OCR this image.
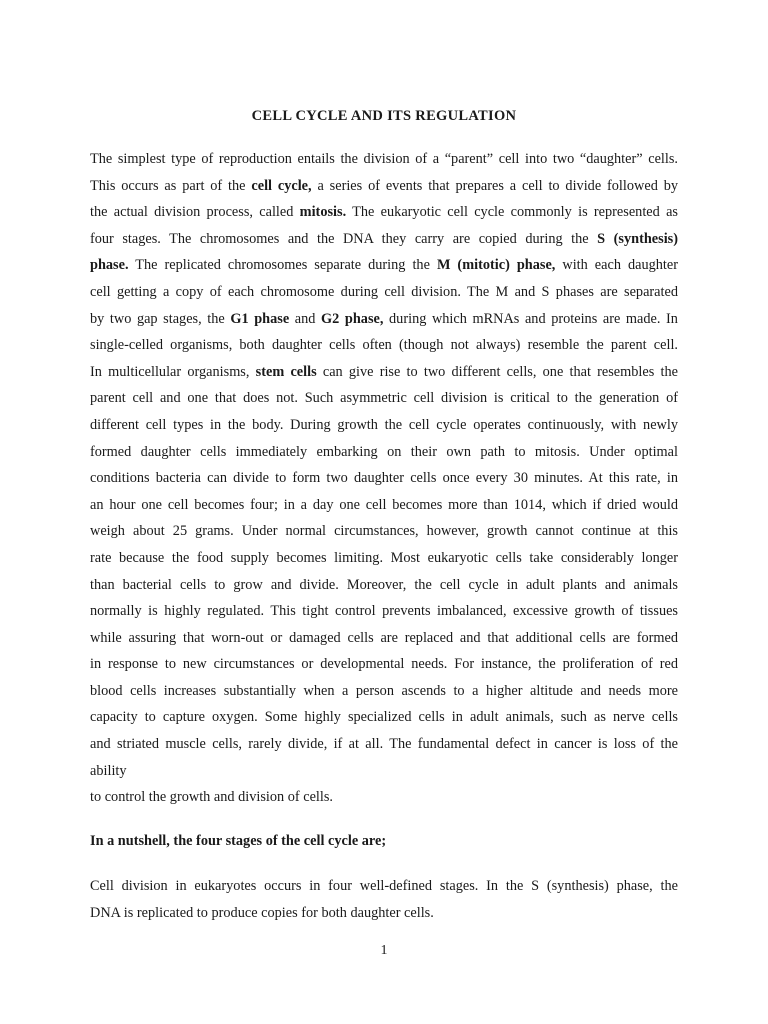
CELL CYCLE AND ITS REGULATION
The simplest type of reproduction entails the division of a “parent” cell into two “daughter” cells.
This occurs as part of the cell cycle, a series of events that prepares a cell to divide followed by
the actual division process, called mitosis. The eukaryotic cell cycle commonly is represented as
four stages. The chromosomes and the DNA they carry are copied during the S (synthesis)
phase. The replicated chromosomes separate during the M (mitotic) phase, with each daughter
cell getting a copy of each chromosome during cell division. The M and S phases are separated
by two gap stages, the G1 phase and G2 phase, during which mRNAs and proteins are made. In
single-celled organisms, both daughter cells often (though not always) resemble the parent cell.
In multicellular organisms, stem cells can give rise to two different cells, one that resembles the
parent cell and one that does not. Such asymmetric cell division is critical to the generation of
different cell types in the body. During growth the cell cycle operates continuously, with newly
formed daughter cells immediately embarking on their own path to mitosis. Under optimal
conditions bacteria can divide to form two daughter cells once every 30 minutes. At this rate, in
an hour one cell becomes four; in a day one cell becomes more than 1014, which if dried would
weigh about 25 grams. Under normal circumstances, however, growth cannot continue at this
rate because the food supply becomes limiting. Most eukaryotic cells take considerably longer
than bacterial cells to grow and divide. Moreover, the cell cycle in adult plants and animals
normally is highly regulated. This tight control prevents imbalanced, excessive growth of tissues
while assuring that worn-out or damaged cells are replaced and that additional cells are formed
in response to new circumstances or developmental needs. For instance, the proliferation of red
blood cells increases substantially when a person ascends to a higher altitude and needs more
capacity to capture oxygen. Some highly specialized cells in adult animals, such as nerve cells
and striated muscle cells, rarely divide, if at all. The fundamental defect in cancer is loss of the
ability
to control the growth and division of cells.
In a nutshell, the four stages of the cell cycle are;
Cell division in eukaryotes occurs in four well-defined stages. In the S (synthesis) phase, the
DNA is replicated to produce copies for both daughter cells.
1
